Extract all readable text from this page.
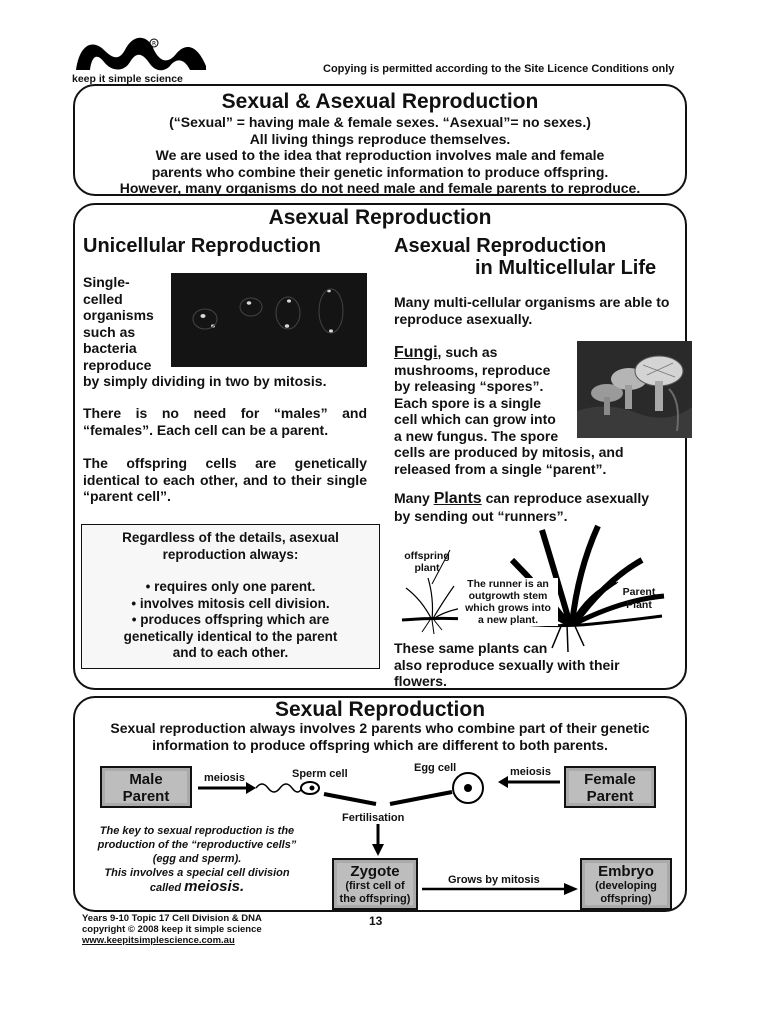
R
keep it simple science
Copying is permitted according to the Site Licence Conditions only
Sexual & Asexual Reproduction
(“Sexual” = having male & female sexes. “Asexual”= no sexes.)
All living things reproduce themselves.
We are used to the idea that reproduction involves male and female
parents who combine their genetic information to produce offspring.
However, many organisms do not need male and female parents to reproduce.
Asexual Reproduction
Unicellular Reproduction
Single-
celled
organisms
such as
bacteria
reproduce
by simply dividing in two by mitosis.
There is no need for “males” and “females”. Each cell can be a parent.
The offspring cells are genetically identical to each other, and to their single “parent cell”.
Regardless of the details, asexual
reproduction always:
• requires only one parent.
• involves mitosis cell division.
• produces offspring which are
genetically identical to the parent
and to each other.
Asexual Reproduction
in Multicellular Life
Many multi-cellular organisms are able to reproduce asexually.
Fungi, such as
mushrooms, reproduce
by releasing “spores”.
Each spore is a single
cell which can grow into
a new fungus. The spore
cells are produced by mitosis, and
released from a single “parent”.
Many Plants can reproduce asexually
by sending out “runners”.
offspring
plant
The runner is an
outgrowth stem
which grows into
a new plant.
Parent
Plant
These same plants can
also reproduce sexually with their
flowers.
Sexual Reproduction
Sexual reproduction always involves 2 parents who combine part of their genetic
information to produce offspring which are different to both parents.
Male
Parent
Female
Parent
meiosis	meiosis
Sperm cell	Egg cell
Fertilisation
The key to sexual reproduction is the
production of the “reproductive cells”
(egg and sperm).
This involves a special cell division
called meiosis.
Zygote
(first cell of
the offspring)
Grows by mitosis	Embryo
(developing
offspring)
Years 9-10 Topic 17 Cell Division & DNA
copyright © 2008 keep it simple science
www.keepitsimplescience.com.au
13
